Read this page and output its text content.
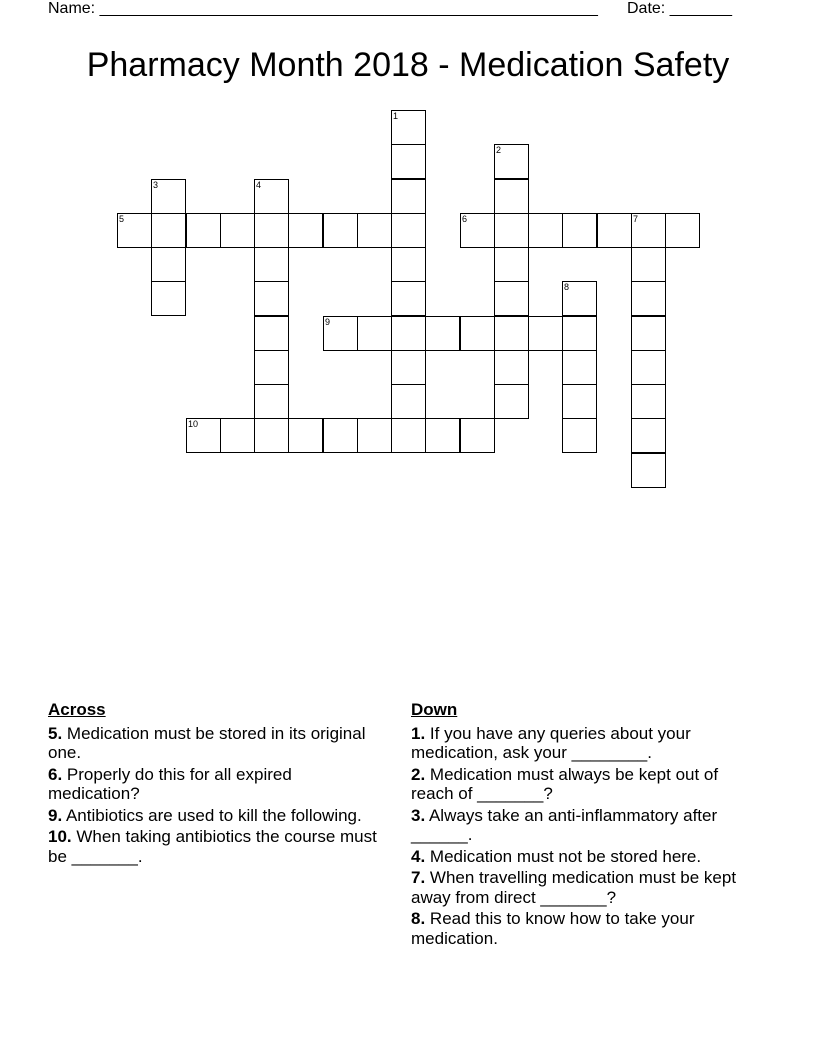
Name: ________________________________________________________ Date: _______
Pharmacy Month 2018 - Medication Safety
1
2
3	4
5	6	7
8
9
10
Across
5. Medication must be stored in its original one.
6. Properly do this for all expired medication?
9. Antibiotics are used to kill the following.
10. When taking antibiotics the course must be _______.
Down
1. If you have any queries about your medication, ask your ________.
2. Medication must always be kept out of reach of _______?
3. Always take an anti-inflammatory after ______.
4. Medication must not be stored here.
7. When travelling medication must be kept away from direct _______?
8. Read this to know how to take your medication.
